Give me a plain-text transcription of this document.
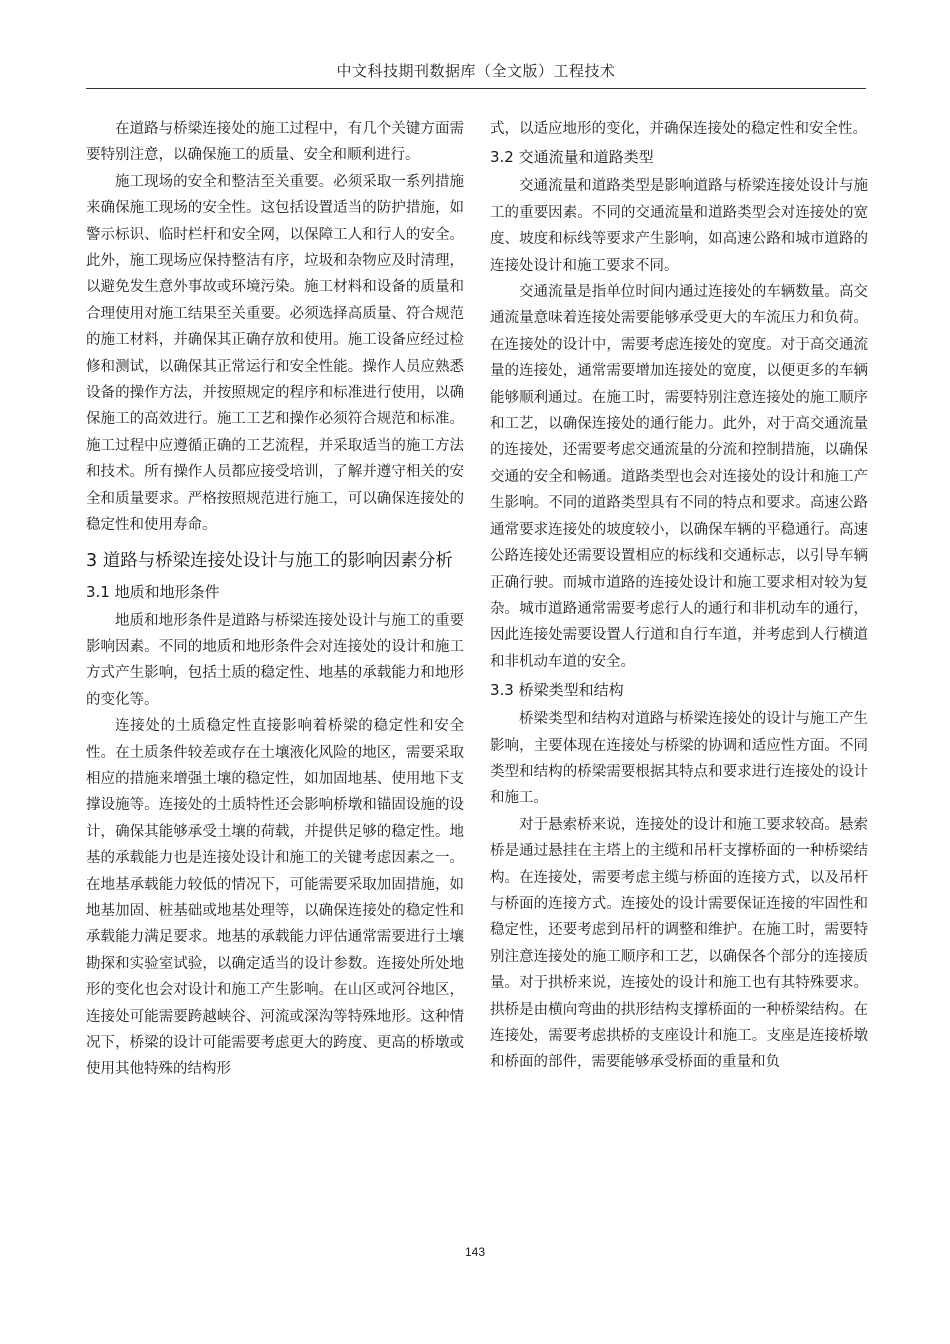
中文科技期刊数据库（全文版）工程技术

在道路与桥梁连接处的施工过程中，有几个关键方面需要特别注意，以确保施工的质量、安全和顺利进行。

施工现场的安全和整洁至关重要。必须采取一系列措施来确保施工现场的安全性。这包括设置适当的防护措施，如警示标识、临时栏杆和安全网，以保障工人和行人的安全。此外，施工现场应保持整洁有序，垃圾和杂物应及时清理，以避免发生意外事故或环境污染。施工材料和设备的质量和合理使用对施工结果至关重要。必须选择高质量、符合规范的施工材料，并确保其正确存放和使用。施工设备应经过检修和测试，以确保其正常运行和安全性能。操作人员应熟悉设备的操作方法，并按照规定的程序和标准进行使用，以确保施工的高效进行。施工工艺和操作必须符合规范和标准。施工过程中应遵循正确的工艺流程，并采取适当的施工方法和技术。所有操作人员都应接受培训，了解并遵守相关的安全和质量要求。严格按照规范进行施工，可以确保连接处的稳定性和使用寿命。

3 道路与桥梁连接处设计与施工的影响因素分析
3.1 地质和地形条件

地质和地形条件是道路与桥梁连接处设计与施工的重要影响因素。不同的地质和地形条件会对连接处的设计和施工方式产生影响，包括土质的稳定性、地基的承载能力和地形的变化等。

连接处的土质稳定性直接影响着桥梁的稳定性和安全性。在土质条件较差或存在土壤液化风险的地区，需要采取相应的措施来增强土壤的稳定性，如加固地基、使用地下支撑设施等。连接处的土质特性还会影响桥墩和锚固设施的设计，确保其能够承受土壤的荷载，并提供足够的稳定性。地基的承载能力也是连接处设计和施工的关键考虑因素之一。在地基承载能力较低的情况下，可能需要采取加固措施，如地基加固、桩基础或地基处理等，以确保连接处的稳定性和承载能力满足要求。地基的承载能力评估通常需要进行土壤勘探和实验室试验，以确定适当的设计参数。连接处所处地形的变化也会对设计和施工产生影响。在山区或河谷地区，连接处可能需要跨越峡谷、河流或深沟等特殊地形。这种情况下，桥梁的设计可能需要考虑更大的跨度、更高的桥墩或使用其他特殊的结构形

式，以适应地形的变化，并确保连接处的稳定性和安全性。

3.2 交通流量和道路类型

交通流量和道路类型是影响道路与桥梁连接处设计与施工的重要因素。不同的交通流量和道路类型会对连接处的宽度、坡度和标线等要求产生影响，如高速公路和城市道路的连接处设计和施工要求不同。

交通流量是指单位时间内通过连接处的车辆数量。高交通流量意味着连接处需要能够承受更大的车流压力和负荷。在连接处的设计中，需要考虑连接处的宽度。对于高交通流量的连接处，通常需要增加连接处的宽度，以便更多的车辆能够顺利通过。在施工时，需要特别注意连接处的施工顺序和工艺，以确保连接处的通行能力。此外，对于高交通流量的连接处，还需要考虑交通流量的分流和控制措施，以确保交通的安全和畅通。道路类型也会对连接处的设计和施工产生影响。不同的道路类型具有不同的特点和要求。高速公路通常要求连接处的坡度较小，以确保车辆的平稳通行。高速公路连接处还需要设置相应的标线和交通标志，以引导车辆正确行驶。而城市道路的连接处设计和施工要求相对较为复杂。城市道路通常需要考虑行人的通行和非机动车的通行，因此连接处需要设置人行道和自行车道，并考虑到人行横道和非机动车道的安全。

3.3 桥梁类型和结构

桥梁类型和结构对道路与桥梁连接处的设计与施工产生影响，主要体现在连接处与桥梁的协调和适应性方面。不同类型和结构的桥梁需要根据其特点和要求进行连接处的设计和施工。

对于悬索桥来说，连接处的设计和施工要求较高。悬索桥是通过悬挂在主塔上的主缆和吊杆支撑桥面的一种桥梁结构。在连接处，需要考虑主缆与桥面的连接方式，以及吊杆与桥面的连接方式。连接处的设计需要保证连接的牢固性和稳定性，还要考虑到吊杆的调整和维护。在施工时，需要特别注意连接处的施工顺序和工艺，以确保各个部分的连接质量。对于拱桥来说，连接处的设计和施工也有其特殊要求。拱桥是由横向弯曲的拱形结构支撑桥面的一种桥梁结构。在连接处，需要考虑拱桥的支座设计和施工。支座是连接桥墩和桥面的部件，需要能够承受桥面的重量和负

143
